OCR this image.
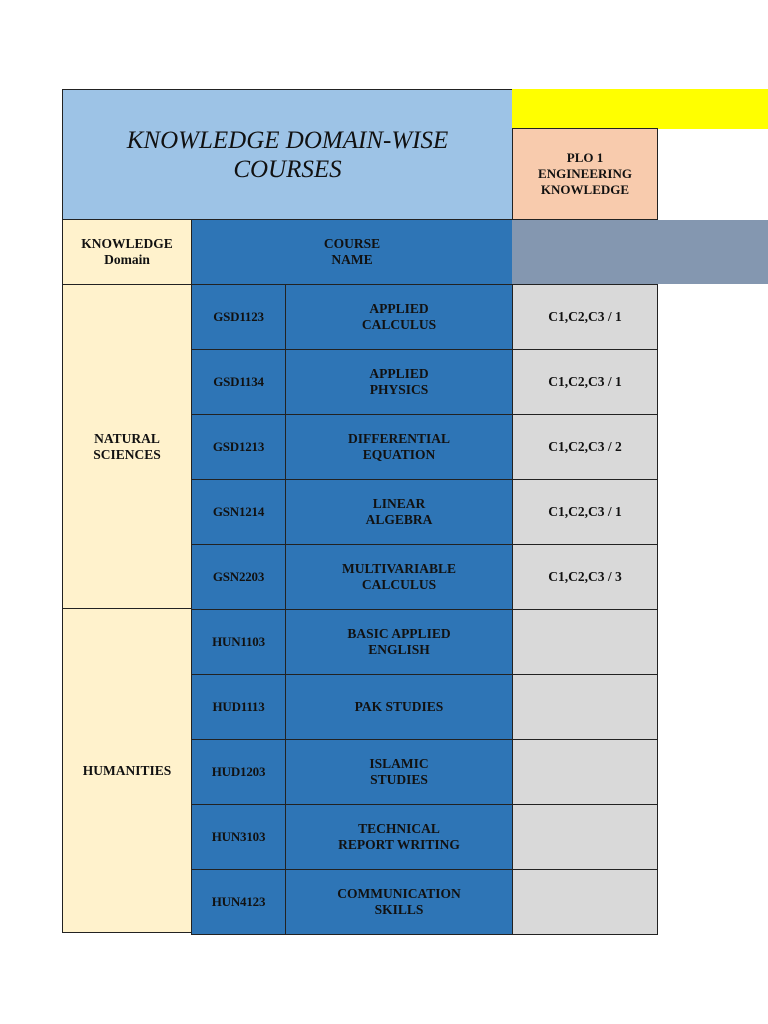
KNOWLEDGE DOMAIN-WISE
COURSES	PLO 1
ENGINEERING
KNOWLEDGE
KNOWLEDGE
Domain
COURSE
NAME
NATURAL
SCIENCES
HUMANITIES
GSD1123
APPLIED
CALCULUS
C1,C2,C3 / 1
GSD1134
APPLIED
PHYSICS
C1,C2,C3 / 1
GSD1213
DIFFERENTIAL
EQUATION
C1,C2,C3 / 2
GSN1214
LINEAR
ALGEBRA
C1,C2,C3 / 1
GSN2203
MULTIVARIABLE
CALCULUS
C1,C2,C3 / 3
HUN1103
BASIC APPLIED
ENGLISH
HUD1113	PAK STUDIES
HUD1203
ISLAMIC
STUDIES
HUN3103
TECHNICAL
REPORT WRITING
HUN4123
COMMUNICATION
SKILLS
